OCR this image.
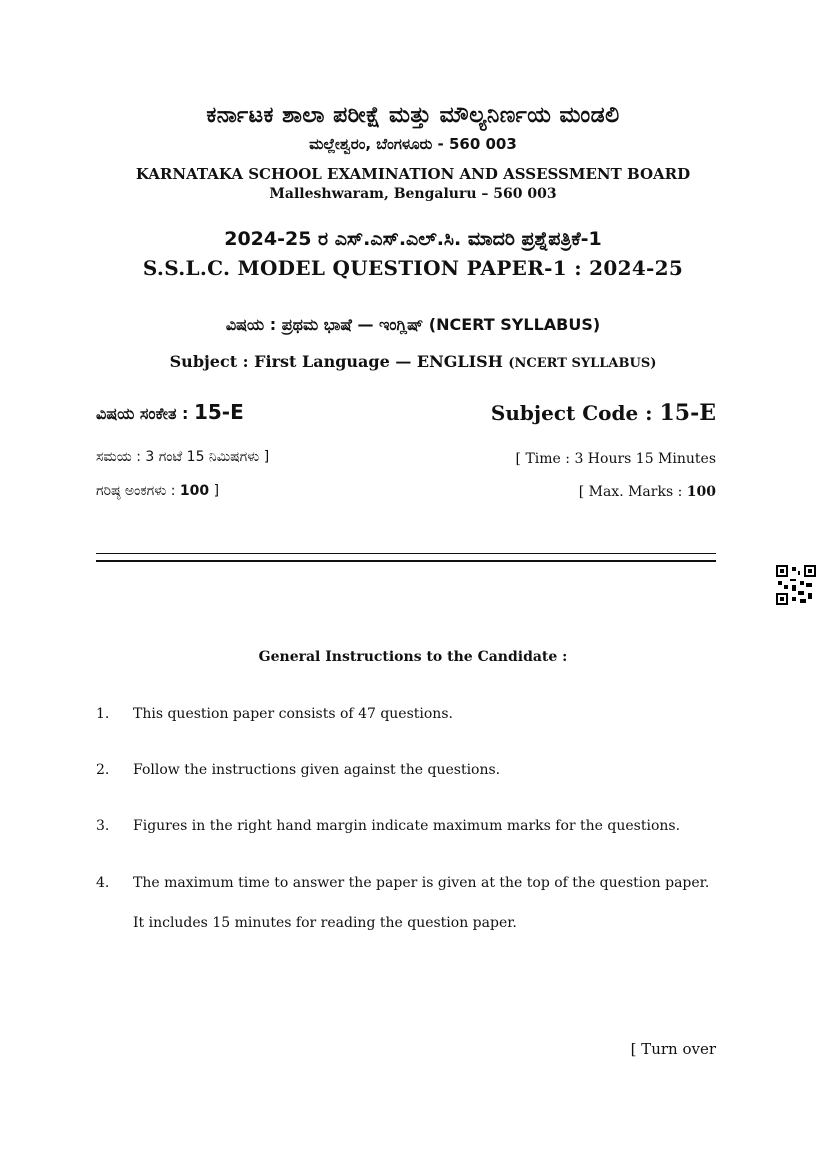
ಕರ್ನಾಟಕ ಶಾಲಾ ಪರೀಕ್ಷೆ ಮತ್ತು ಮೌಲ್ಯನಿರ್ಣಯ ಮಂಡಲಿ
ಮಲ್ಲೇಶ್ವರಂ, ಬೆಂಗಳೂರು - 560 003
KARNATAKA SCHOOL EXAMINATION AND ASSESSMENT BOARD
Malleshwaram, Bengaluru – 560 003
2024-25 ರ ಎಸ್.ಎಸ್.ಎಲ್.ಸಿ. ಮಾದರಿ ಪ್ರಶ್ನೆಪತ್ರಿಕೆ-1
S.S.L.C. MODEL QUESTION PAPER-1 : 2024-25
ವಿಷಯ : ಪ್ರಥಮ ಭಾಷೆ — ಇಂಗ್ಲಿಷ್ (NCERT SYLLABUS)
Subject : First Language — ENGLISH (NCERT SYLLABUS)
ವಿಷಯ ಸಂಕೇತ : 15-E	Subject Code : 15-E
ಸಮಯ : 3 ಗಂಟೆ 15 ನಿಮಿಷಗಳು ]	[ Time : 3 Hours 15 Minutes
ಗರಿಷ್ಠ ಅಂಕಗಳು : 100 ]	[ Max. Marks : 100
General Instructions to the Candidate :
1.	This question paper consists of 47 questions.
2.	Follow the instructions given against the questions.
3.	Figures in the right hand margin indicate maximum marks for the questions.
4.	The maximum time to answer the paper is given at the top of the question paper.
It includes 15 minutes for reading the question paper.
[ Turn over
